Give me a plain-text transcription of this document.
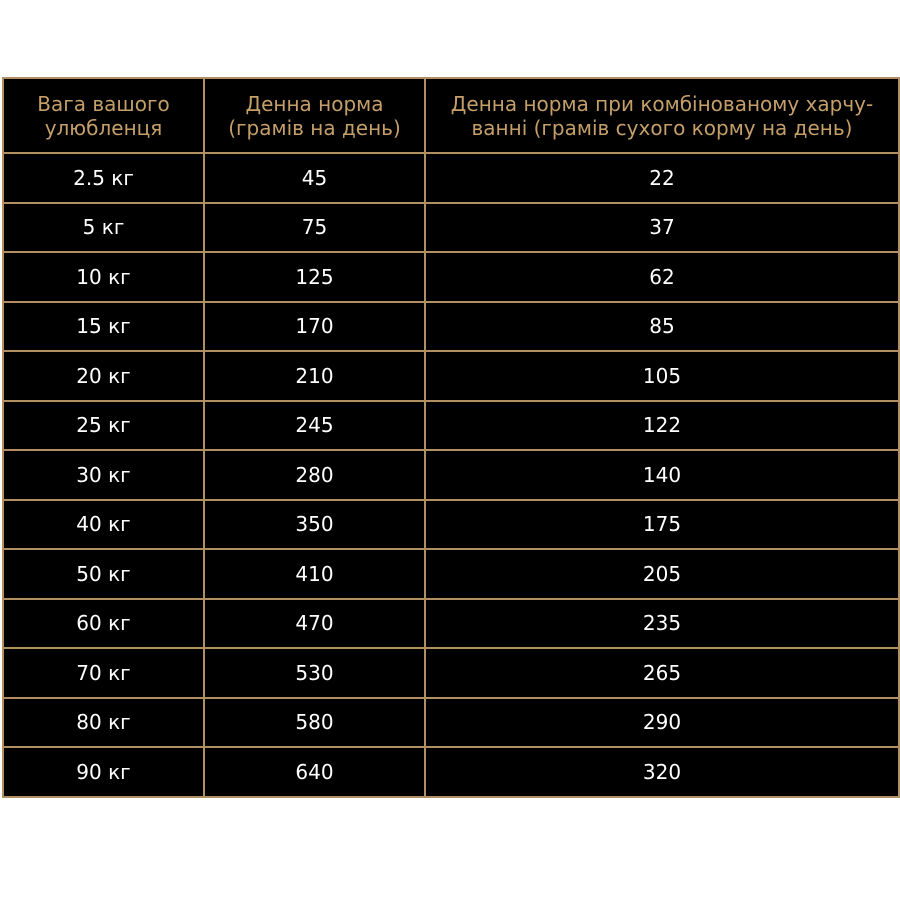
Вага вашого улюбленця	Денна норма (грамів на день)	Денна норма при комбінованому харчу-ванні (грамів сухого корму на день)
2.5 кг	45	22
5 кг	75	37
10 кг	125	62
15 кг	170	85
20 кг	210	105
25 кг	245	122
30 кг	280	140
40 кг	350	175
50 кг	410	205
60 кг	470	235
70 кг	530	265
80 кг	580	290
90 кг	640	320
